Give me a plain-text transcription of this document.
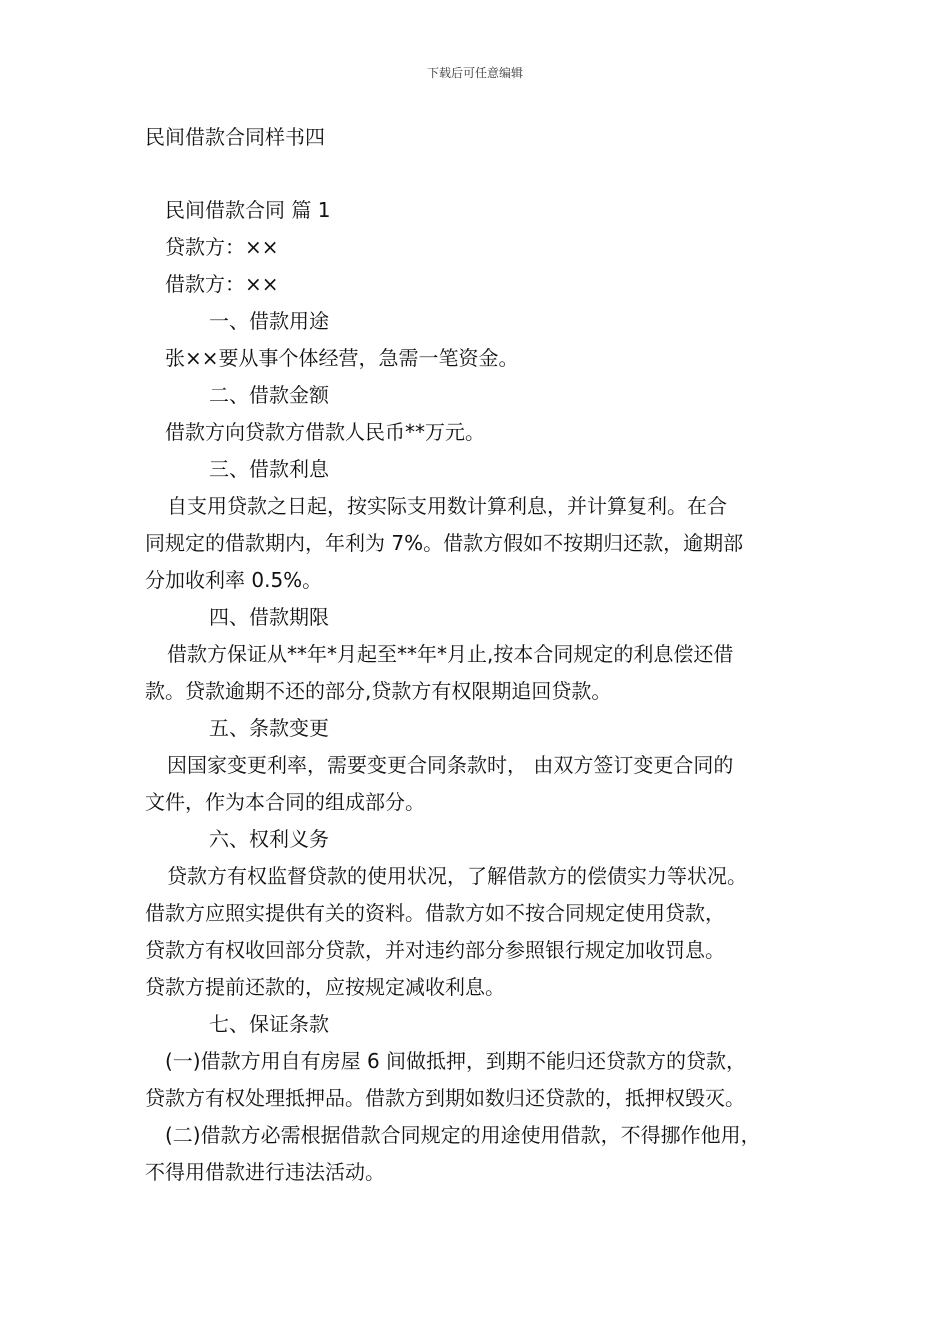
下载后可任意编辑
民间借款合同样书四
民间借款合同 篇 1
贷款方：××
借款方：××
一、借款用途
张××要从事个体经营，急需一笔资金。
二、借款金额
借款方向贷款方借款人民币**万元。
三、借款利息
自支用贷款之日起，按实际支用数计算利息，并计算复利。在合
同规定的借款期内，年利为 7%。借款方假如不按期归还款，逾期部
分加收利率 0.5%。
四、借款期限
借款方保证从**年*月起至**年*月止,按本合同规定的利息偿还借
款。贷款逾期不还的部分,贷款方有权限期追回贷款。
五、条款变更
因国家变更利率，需要变更合同条款时， 由双方签订变更合同的
文件，作为本合同的组成部分。
六、权利义务
贷款方有权监督贷款的使用状况，了解借款方的偿债实力等状况。
借款方应照实提供有关的资料。借款方如不按合同规定使用贷款，
贷款方有权收回部分贷款，并对违约部分参照银行规定加收罚息。
贷款方提前还款的，应按规定减收利息。
七、保证条款
(一)借款方用自有房屋 6 间做抵押，到期不能归还贷款方的贷款，
贷款方有权处理抵押品。借款方到期如数归还贷款的，抵押权毁灭。
(二)借款方必需根据借款合同规定的用途使用借款，不得挪作他用，
不得用借款进行违法活动。
